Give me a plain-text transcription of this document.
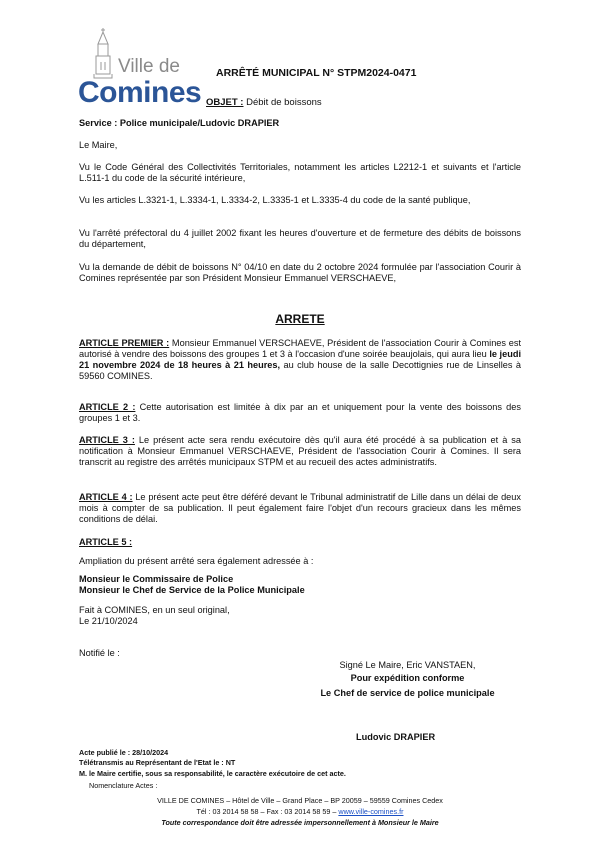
Ville de
Comines
ARRÊTÉ MUNICIPAL N° STPM2024-0471
OBJET : Débit de boissons
Service : Police municipale/Ludovic DRAPIER
Le Maire,
Vu le Code Général des Collectivités Territoriales, notamment les articles L2212-1 et suivants et l'article L.511-1 du code de la sécurité intérieure,
Vu les articles L.3321-1, L.3334-1, L.3334-2, L.3335-1 et L.3335-4 du code de la santé publique,
Vu l'arrêté préfectoral du 4 juillet 2002 fixant les heures d'ouverture et de fermeture des débits de boissons du département,
Vu la demande de débit de boissons N° 04/10 en date du 2 octobre 2024 formulée par l'association Courir à Comines représentée par son Président Monsieur Emmanuel VERSCHAEVE,
ARRETE
ARTICLE PREMIER : Monsieur Emmanuel VERSCHAEVE, Président de l'association Courir à Comines est autorisé à vendre des boissons des groupes 1 et 3 à l'occasion d'une soirée beaujolais, qui aura lieu le jeudi 21 novembre 2024 de 18 heures à 21 heures, au club house de la salle Decottignies rue de Linselles à 59560 COMINES.
ARTICLE 2 : Cette autorisation est limitée à dix par an et uniquement pour la vente des boissons des groupes 1 et 3.
ARTICLE 3 : Le présent acte sera rendu exécutoire dès qu'il aura été procédé à sa publication et à sa notification à Monsieur Emmanuel VERSCHAEVE, Président de l'association Courir à Comines. Il sera transcrit au registre des arrêtés municipaux STPM et au recueil des actes administratifs.
ARTICLE 4 : Le présent acte peut être déféré devant le Tribunal administratif de Lille dans un délai de deux mois à compter de sa publication. Il peut également faire l'objet d'un recours gracieux dans les mêmes conditions de délai.
ARTICLE 5 :
Ampliation du présent arrêté sera également adressée à :
Monsieur le Commissaire de Police
Monsieur le Chef de Service de la Police Municipale
Fait à COMINES, en un seul original,
Le 21/10/2024
Notifié le :
Signé Le Maire, Eric VANSTAEN,
Pour expédition conforme
Le Chef de service de police municipale
Ludovic DRAPIER
Acte publié le : 28/10/2024
Télétransmis au Représentant de l'Etat le : NT
M. le Maire certifie, sous sa responsabilité, le caractère exécutoire de cet acte.
Nomenclature Actes :
VILLE DE COMINES – Hôtel de Ville – Grand Place – BP 20059 – 59559 Comines Cedex
Tél : 03 2014 58 58 – Fax : 03 2014 58 59 – www.ville-comines.fr
Toute correspondance doit être adressée impersonnellement à Monsieur le Maire
